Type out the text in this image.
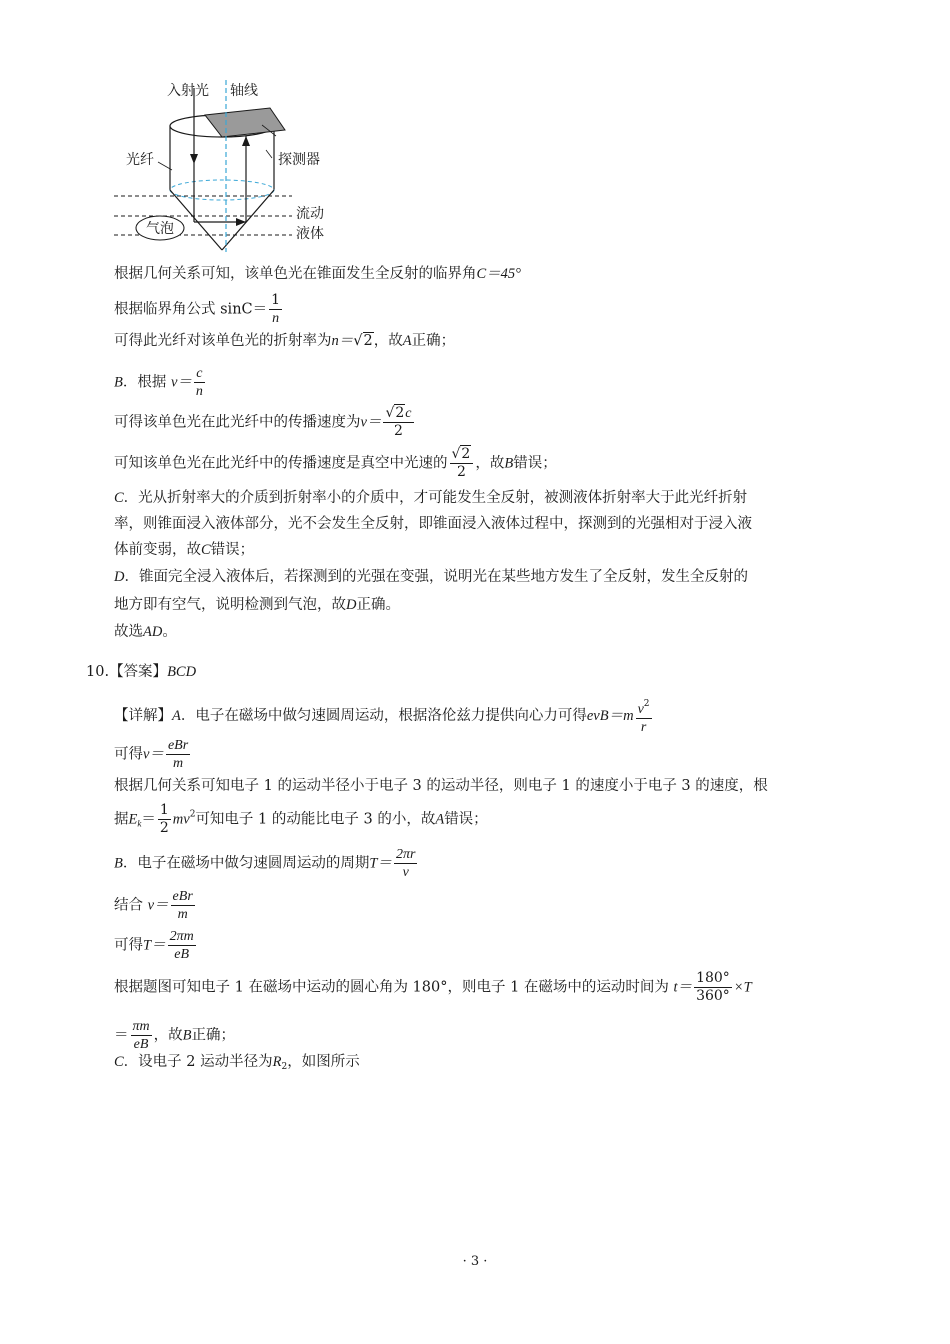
入射光 轴线
光纤	探测器
气泡
流动
液体
根据几何关系可知，该单色光在锥面发生全反射的临界角C＝45°
根据临界角公式 $\sin C= \frac{1}{n}$
可得此光纤对该单色光的折射率为n＝√2，故A正确；
B．根据 $v= \frac{c}{n}$
可得该单色光在此光纤中的传播速度为$v= \frac{√2c}{2}$
可知该单色光在此光纤中的传播速度是真空中光速的 $\frac{√2}{2}$ ，故B错误；
C．光从折射率大的介质到折射率小的介质中，才可能发生全反射，被测液体折射率大于此光纤折射
率，则锥面浸入液体部分，光不会发生全反射，即锥面浸入液体过程中，探测到的光强相对于浸入液
体前变弱，故C错误；
D．锥面完全浸入液体后，若探测到的光强在变强，说明光在某些地方发生了全反射，发生全反射的
地方即有空气，说明检测到气泡，故D正确。
故选AD。
10.【答案】BCD
【详解】A．电子在磁场中做匀速圆周运动，根据洛伦兹力提供向心力可得$evB=m \frac{v^2}{r}$
可得$v= \frac{\text{eBr}}{m}$
根据几何关系可知电子 1 的运动半径小于电子 3 的运动半径，则电子 1 的速度小于电子 3 的速度，根
据$E_k= \frac{1}{2} mv^2$可知电子 1 的动能比电子 3 的小，故A错误；
B．电子在磁场中做匀速圆周运动的周期$T= \frac{2\pi r}{v}$
结合 $v= \frac{\text{eBr}}{m}$
可得$T= \frac{2\pi m}{eB}$
根据题图可知电子 1 在磁场中运动的圆心角为 180°，则电子 1 在磁场中的运动时间为 $t= \frac{180^\circ}{360^\circ} \times T$
＝ $\frac{\pi m}{eB}$ ，故B正确；
C．设电子 2 运动半径为$R_2$，如图所示
· 3 ·
